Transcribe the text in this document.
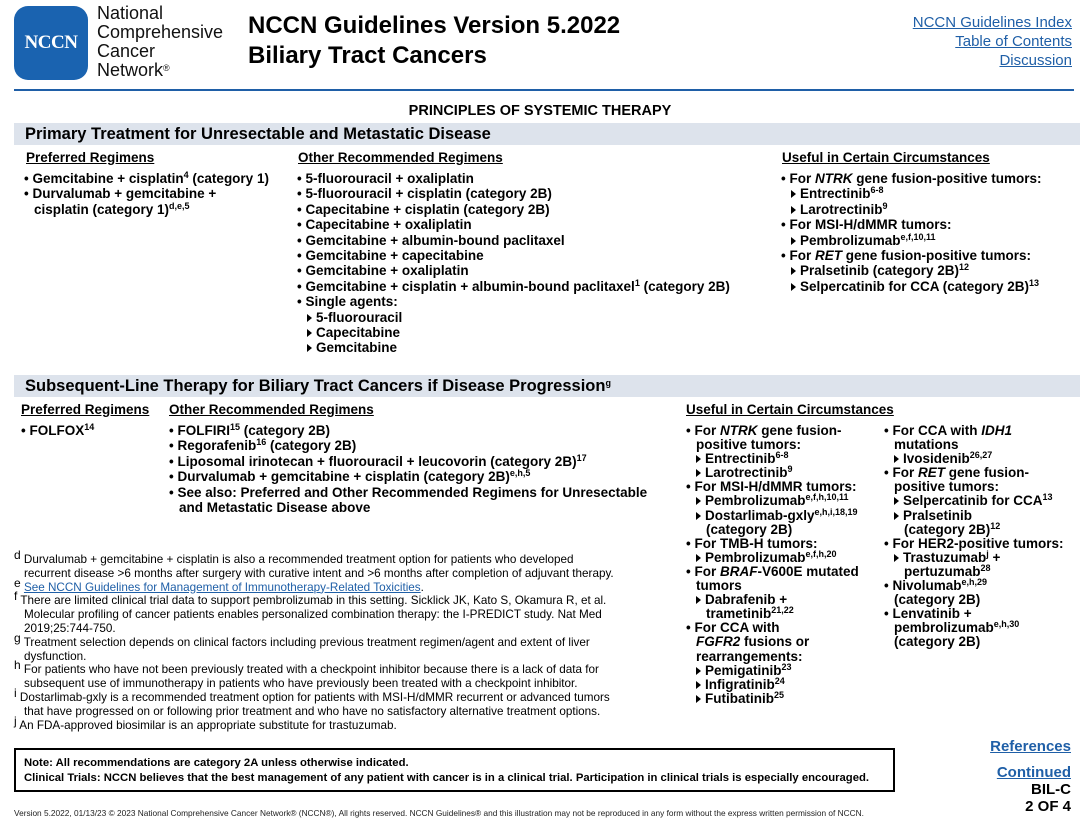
NCCN
National
Comprehensive
Cancer
Network®
NCCN Guidelines Version 5.2022
Biliary Tract Cancers
NCCN Guidelines Index
Table of Contents
Discussion
PRINCIPLES OF SYSTEMIC THERAPY
Primary Treatment for Unresectable and Metastatic Disease
Preferred Regimens
• Gemcitabine + cisplatin$^4$ (category 1)
• Durvalumab + gemcitabine +
cisplatin (category 1)$^{d,e,5}$
Other Recommended Regimens
• 5-fluorouracil + oxaliplatin
• 5-fluorouracil + cisplatin (category 2B)
• Capecitabine + cisplatin (category 2B)
• Capecitabine + oxaliplatin
• Gemcitabine + albumin-bound paclitaxel
• Gemcitabine + capecitabine
• Gemcitabine + oxaliplatin
• Gemcitabine + cisplatin + albumin-bound paclitaxel$^1$ (category 2B)
• Single agents:
5-fluorouracil
Capecitabine
Gemcitabine
Useful in Certain Circumstances
• For NTRK gene fusion-positive tumors:
Entrectinib$^{6-8}$
Larotrectinib$^9$
• For MSI-H/dMMR tumors:
Pembrolizumab$^{e,f,10,11}$
• For RET gene fusion-positive tumors:
Pralsetinib (category 2B)$^{12}$
Selpercatinib for CCA (category 2B)$^{13}$
Subsequent-Line Therapy for Biliary Tract Cancers if Disease Progression$^g$
Preferred Regimens
• FOLFOX$^{14}$
Other Recommended Regimens
• FOLFIRI$^{15}$ (category 2B)
• Regorafenib$^{16}$ (category 2B)
• Liposomal irinotecan + fluorouracil + leucovorin (category 2B)$^{17}$
• Durvalumab + gemcitabine + cisplatin (category 2B)$^{e,h,5}$
• See also: Preferred and Other Recommended Regimens for Unresectable
and Metastatic Disease above
Useful in Certain Circumstances
• For NTRK gene fusion-
positive tumors:
Entrectinib$^{6-8}$
Larotrectinib$^9$
• For MSI-H/dMMR tumors:
Pembrolizumab$^{e,f,h,10,11}$
Dostarlimab-gxly$^{e,h,i,18,19}$
(category 2B)
• For TMB-H tumors:
Pembrolizumab$^{e,f,h,20}$
• For BRAF-V600E mutated
tumors
Dabrafenib +
trametinib$^{21,22}$
• For CCA with
FGFR2 fusions or
rearrangements:
Pemigatinib$^{23}$
Infigratinib$^{24}$
Futibatinib$^{25}$
• For CCA with IDH1
mutations
Ivosidenib$^{26,27}$
• For RET gene fusion-
positive tumors:
Selpercatinib for CCA$^{13}$
Pralsetinib
(category 2B)$^{12}$
• For HER2-positive tumors:
Trastuzumab$^j$ +
pertuzumab$^{28}$
• Nivolumab$^{e,h,29}$
(category 2B)
• Lenvatinib +
pembrolizumab$^{e,h,30}$
(category 2B)
$^d$ Durvalumab + gemcitabine + cisplatin is also a recommended treatment option for patients who developed
recurrent disease >6 months after surgery with curative intent and >6 months after completion of adjuvant therapy.
$^e$ See NCCN Guidelines for Management of Immunotherapy-Related Toxicities.
$^f$ There are limited clinical trial data to support pembrolizumab in this setting. Sicklick JK, Kato S, Okamura R, et al.
Molecular profiling of cancer patients enables personalized combination therapy: the I-PREDICT study. Nat Med
2019;25:744-750.
$^g$ Treatment selection depends on clinical factors including previous treatment regimen/agent and extent of liver
dysfunction.
$^h$ For patients who have not been previously treated with a checkpoint inhibitor because there is a lack of data for
subsequent use of immunotherapy in patients who have previously been treated with a checkpoint inhibitor.
$^i$ Dostarlimab-gxly is a recommended treatment option for patients with MSI-H/dMMR recurrent or advanced tumors
that have progressed on or following prior treatment and who have no satisfactory alternative treatment options.
$^j$ An FDA-approved biosimilar is an appropriate substitute for trastuzumab.
Note: All recommendations are category 2A unless otherwise indicated.
Clinical Trials: NCCN believes that the best management of any patient with cancer is in a clinical trial. Participation in clinical trials is especially encouraged.
References
Continued
BIL-C
2 OF 4
Version 5.2022, 01/13/23 © 2023 National Comprehensive Cancer Network® (NCCN®), All rights reserved. NCCN Guidelines® and this illustration may not be reproduced in any form without the express written permission of NCCN.
